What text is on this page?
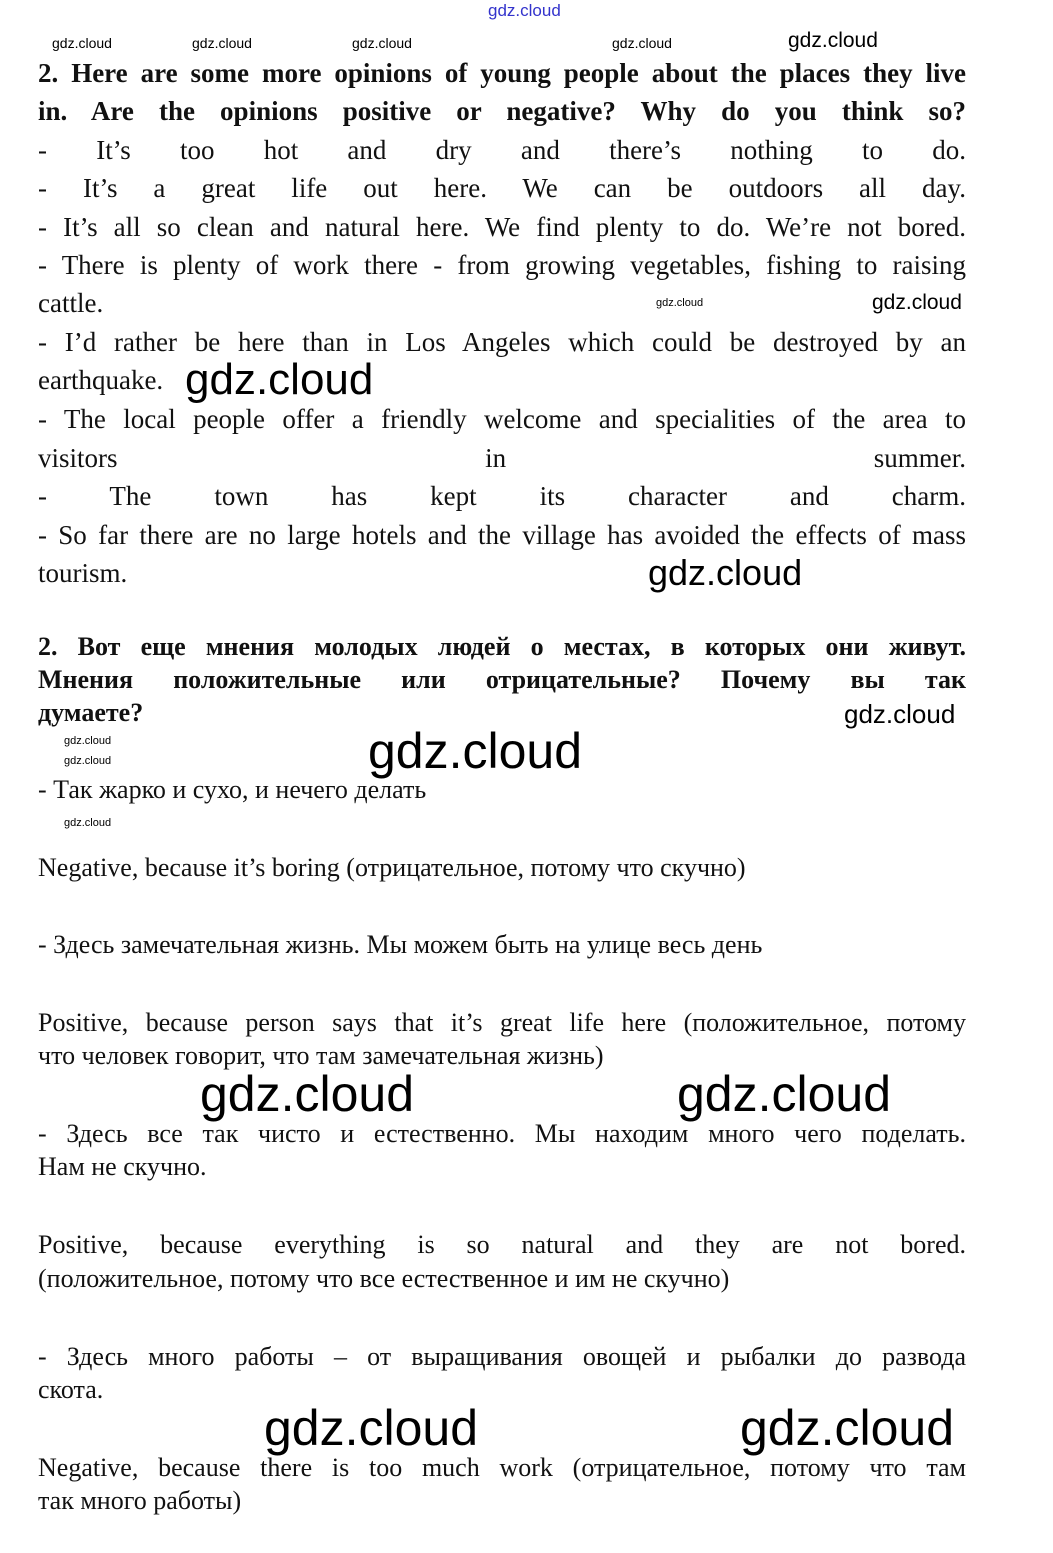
2. Here are some more opinions of young people about the places they live
in. Are the opinions positive or negative? Why do you think so?
- It’s too hot and dry and there’s nothing to do.
- It’s a great life out here. We can be outdoors all day.
- It’s all so clean and natural here. We find plenty to do. We’re not bored.
- There is plenty of work there - from growing vegetables, fishing to raising
cattle.
- I’d rather be here than in Los Angeles which could be destroyed by an
earthquake.
- The local people offer a friendly welcome and specialities of the area to
visitors in summer.
- The town has kept its character and charm.
- So far there are no large hotels and the village has avoided the effects of mass
tourism.
2. Вот еще мнения молодых людей о местах, в которых они живут.
Мнения положительные или отрицательные? Почему вы так
думаете?
- Так жарко и сухо, и нечего делать
Negative, because it’s boring (отрицательное, потому что скучно)
- Здесь замечательная жизнь. Мы можем быть на улице весь день
Positive, because person says that it’s great life here (положительное, потому
что человек говорит, что там замечательная жизнь)
- Здесь все так чисто и естественно. Мы находим много чего поделать.
Нам не скучно.
Positive, because everything is so natural and they are not bored.
(положительное, потому что все естественное и им не скучно)
- Здесь много работы – от выращивания овощей и рыбалки до развода
скота.
Negative, because there is too much work (отрицательное, потому что там
так много работы)
gdz.cloud
gdz.cloud	gdz.cloud	gdz.cloud	gdz.cloud	gdz.cloud
gdz.cloud	gdz.cloud
gdz.cloud
gdz.cloud
gdz.cloud
gdz.cloud
gdz.cloud	gdz.cloud
gdz.cloud
gdz.cloud
gdz.cloud
gdz.cloud	gdz.cloud
